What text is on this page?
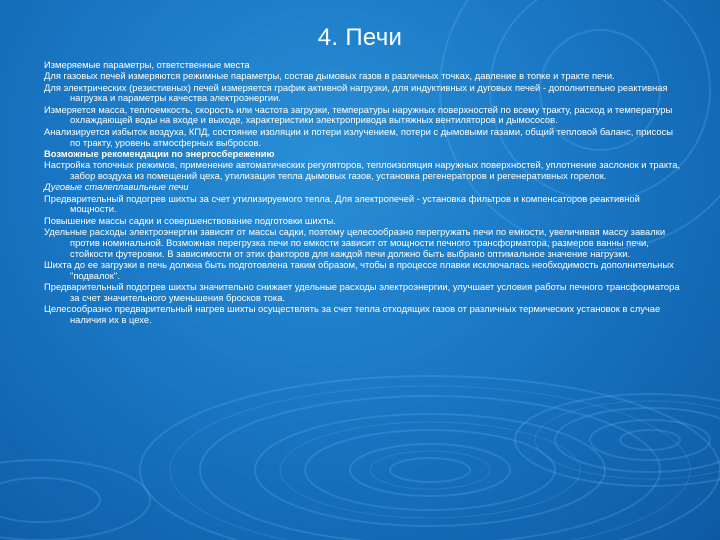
4. Печи

Измеряемые параметры, ответственные места

Для газовых печей измеряются режимные параметры, состав дымовых газов в различных точках, давление в топке и тракте печи.

Для электрических (резистивных) печей измеряется график активной нагрузки, для индуктивных и дуговых печей - дополнительно реактивная нагрузка и параметры качества электроэнергии.

Измеряется масса, теплоемкость, скорость или частота загрузки, температуры наружных поверхностей по всему тракту, расход и температуры охлаждающей воды на входе и выходе, характеристики электропривода вытяжных вентиляторов и дымососов.

Анализируется избыток воздуха, КПД, состояние изоляции и потери излучением, потери с дымовыми газами, общий тепловой баланс, присосы по тракту, уровень атмосферных выбросов.

Возможные рекомендации по энергосбережению

Настройка топочных режимов, применение автоматических регуляторов, теплоизоляция наружных поверхностей, уплотнение заслонок и тракта, забор воздуха из помещений цеха, утилизация тепла дымовых газов, установка регенераторов и регенеративных горелок.

Дуговые сталеплавильные печи

Предварительный подогрев шихты за счет утилизируемого тепла. Для электропечей - установка фильтров и компенсаторов реактивной мощности.

Повышение массы садки и совершенствование подготовки шихты.

Удельные расходы электроэнергии зависят от массы садки, поэтому целесообразно перегружать печи по емкости, увеличивая массу завалки против номинальной. Возможная перегрузка печи по емкости зависит от мощности печного трансформатора, размеров ванны печи, стойкости футеровки. В зависимости от этих факторов для каждой печи должно быть выбрано оптимальное значение нагрузки.

Шихта до ее загрузки в печь должна быть подготовлена таким образом, чтобы в процессе плавки исключалась необходимость дополнительных "подвалок".

Предварительный подогрев шихты значительно снижает удельные расходы электроэнергии, улучшает условия работы печного трансформатора за счет значительного уменьшения бросков тока.

Целесообразно предварительный нагрев шихты осуществлять за счет тепла отходящих газов от различных термических установок в случае наличия их в цехе.
